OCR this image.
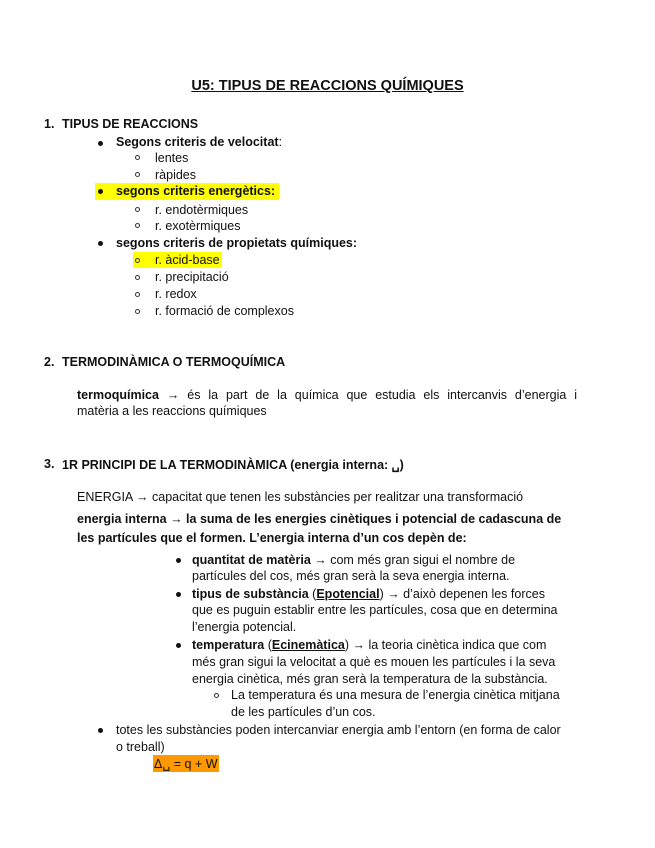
U5: TIPUS DE REACCIONS QUÍMIQUES
1. TIPUS DE REACCIONS
Segons criteris de velocitat:
lentes
ràpides
segons criteris energètics:
r. endotèrmiques
r. exotèrmiques
segons criteris de propietats químiques:
r. àcid-base
r. precipitació
r. redox
r. formació de complexos
2. TERMODINÀMICA O TERMOQUÍMICA
termoquímica → és la part de la química que estudia els intercanvis d’energia i
matèria a les reaccions químiques
3. 1R PRINCIPI DE LA TERMODINÀMICA (energia interna: ␣)
ENERGIA → capacitat que tenen les substàncies per realitzar una transformació
energia interna → la suma de les energies cinètiques i potencial de cadascuna de
les partícules que el formen. L’energia interna d’un cos depèn de:
quantitat de matèria → com més gran sigui el nombre de
partícules del cos, més gran serà la seva energia interna.
tipus de substància (Epotencial) → d’això depenen les forces
que es puguin establir entre les partícules, cosa que en determina
l’energia potencial.
temperatura (Ecinemàtica) → la teoria cinètica indica que com
més gran sigui la velocitat a què es mouen les partícules i la seva
energia cinètica, més gran serà la temperatura de la substància.
La temperatura és una mesura de l’energia cinètica mitjana
de les partícules d’un cos.
totes les substàncies poden intercanviar energia amb l’entorn (en forma de calor
o treball)
Δ␣ = q + W
